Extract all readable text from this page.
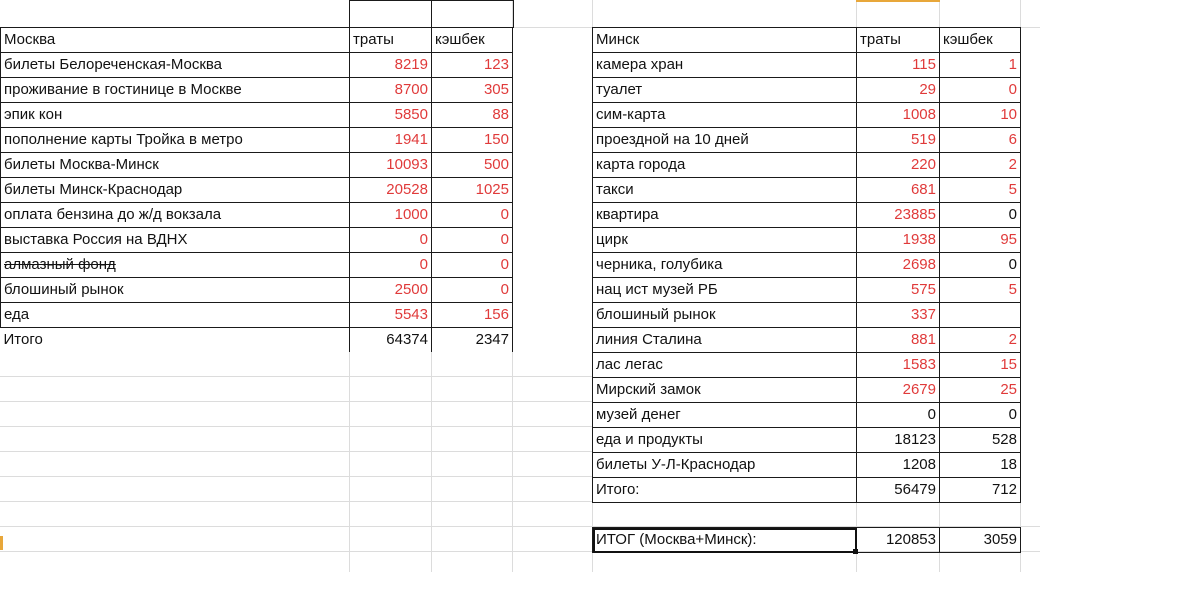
Москва	траты	кэшбек
билеты Белореченская-Москва	8219	123
проживание в гостинице в Москве	8700	305
эпик кон	5850	88
пополнение карты Тройка в метро	1941	150
билеты Москва-Минск	10093	500
билеты Минск-Краснодар	20528	1025
оплата бензина до ж/д вокзала	1000	0
выставка Россия на ВДНХ	0	0
алмазный фонд	0	0
блошиный рынок	2500	0
еда	5543	156
Итого	64374	2347
Минск	траты	кэшбек
камера хран	115	1
туалет	29	0
сим-карта	1008	10
проездной на 10 дней	519	6
карта города	220	2
такси	681	5
квартира	23885	0
цирк	1938	95
черника, голубика	2698	0
нац ист музей РБ	575	5
блошиный рынок	337	
линия Сталина	881	2
лас легас	1583	15
Мирский замок	2679	25
музей денег	0	0
еда и продукты	18123	528
билеты У-Л-Краснодар	1208	18
Итого:	56479	712
ИТОГ (Москва+Минск):	120853	3059
